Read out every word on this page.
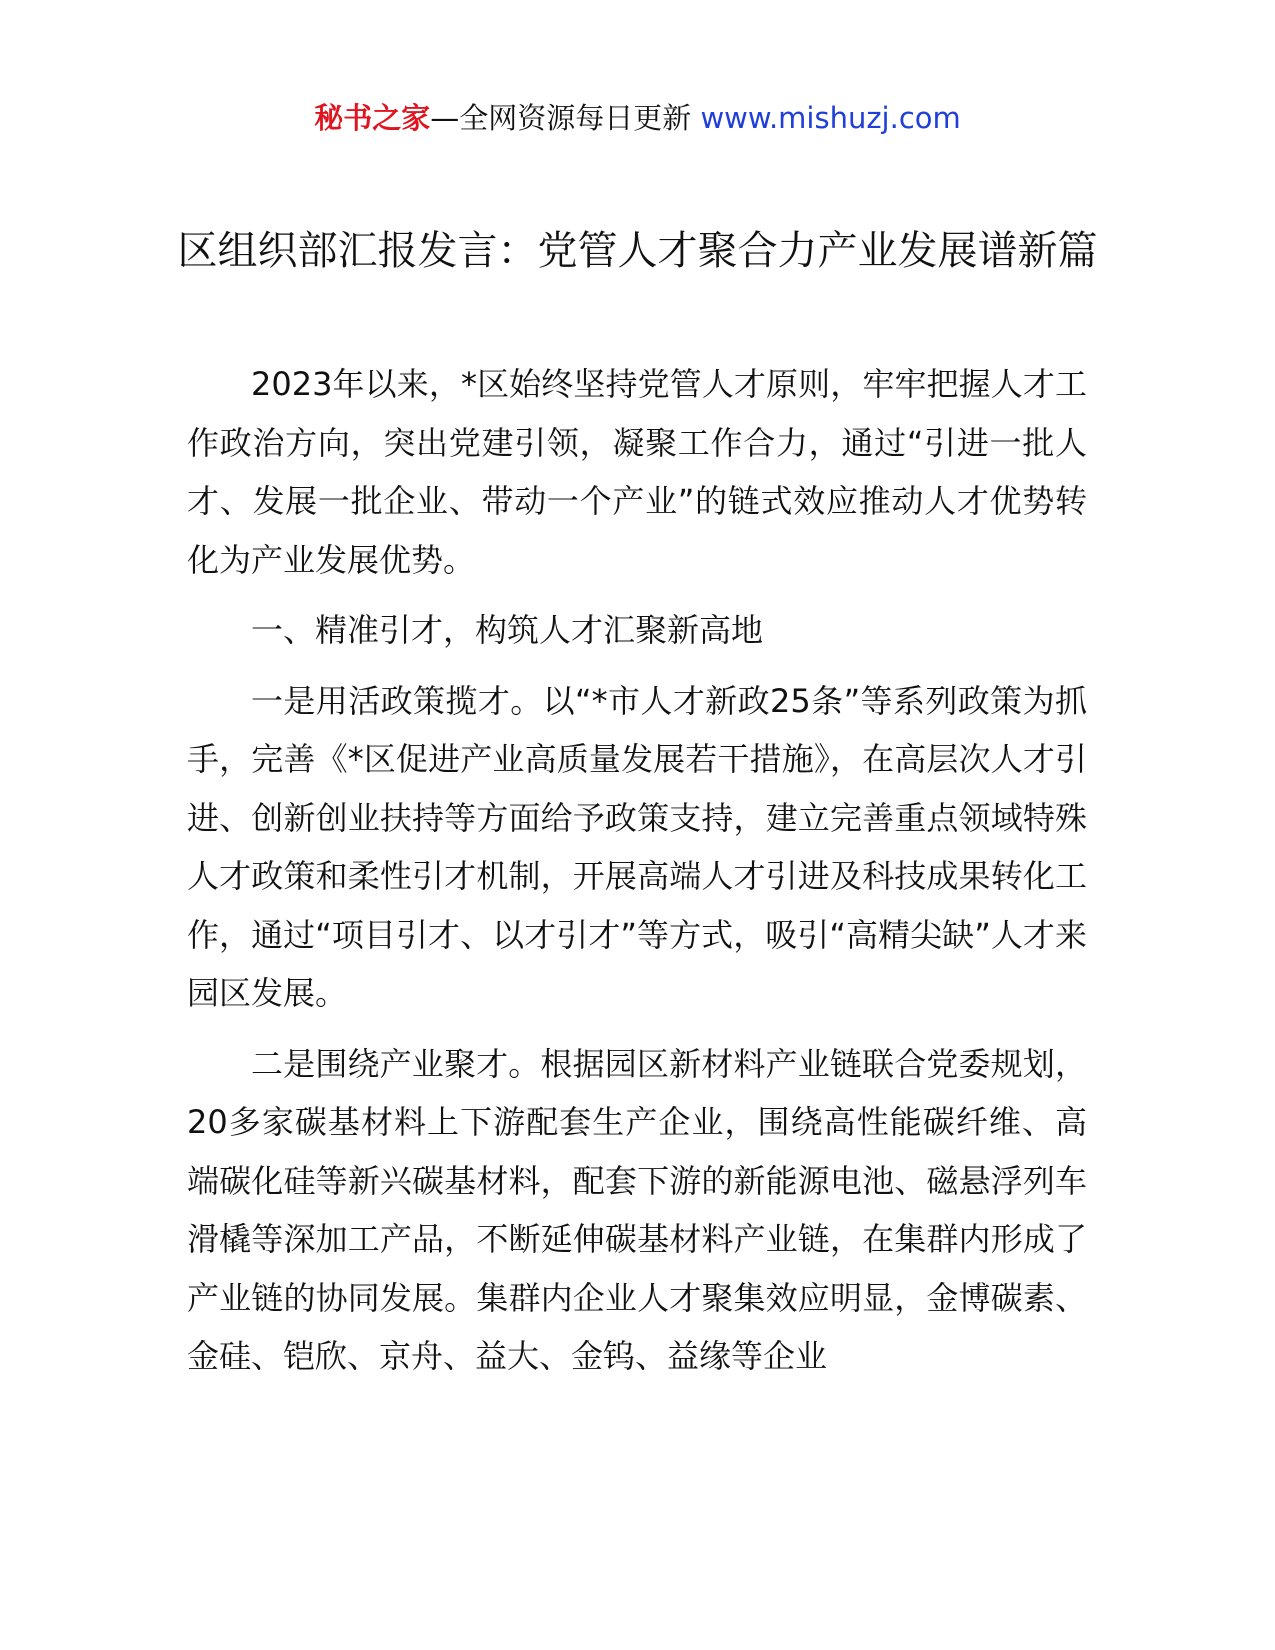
秘书之家—全网资源每日更新 www.mishuzj.com
区组织部汇报发言：党管人才聚合力产业发展谱新篇

2023年以来，*区始终坚持党管人才原则，牢牢把握人才工作政治方向，突出党建引领，凝聚工作合力，通过“引进一批人才、发展一批企业、带动一个产业”的链式效应推动人才优势转化为产业发展优势。

一、精准引才，构筑人才汇聚新高地

一是用活政策揽才。以“*市人才新政25条”等系列政策为抓手，完善《*区促进产业高质量发展若干措施》，在高层次人才引进、创新创业扶持等方面给予政策支持，建立完善重点领域特殊人才政策和柔性引才机制，开展高端人才引进及科技成果转化工作，通过“项目引才、以才引才”等方式，吸引“高精尖缺”人才来园区发展。

二是围绕产业聚才。根据园区新材料产业链联合党委规划，20多家碳基材料上下游配套生产企业，围绕高性能碳纤维、高端碳化硅等新兴碳基材料，配套下游的新能源电池、磁悬浮列车滑橇等深加工产品，不断延伸碳基材料产业链，在集群内形成了产业链的协同发展。集群内企业人才聚集效应明显，金博碳素、金硅、铠欣、京舟、益大、金钨、益缘等企业
